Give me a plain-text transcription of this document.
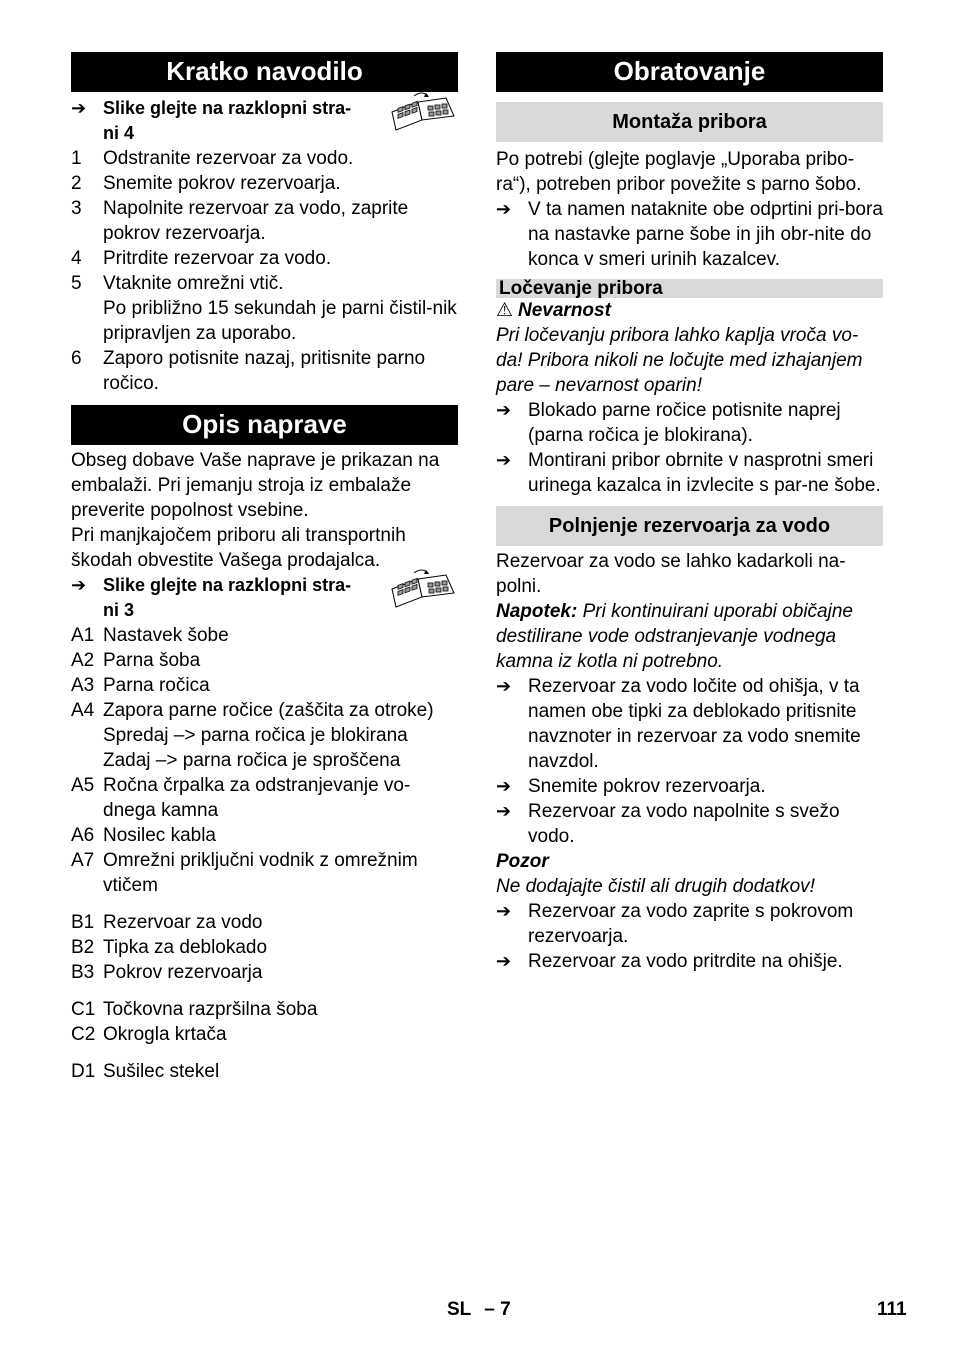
Kratko navodilo
➔ Slike glejte na razklopni stra-
ni 4
1	Odstranite rezervoar za vodo.
2	Snemite pokrov rezervoarja.
3	Napolnite rezervoar za vodo, zaprite pokrov rezervoarja.
4	Pritrdite rezervoar za vodo.
5	Vtaknite omrežni vtič.
Po približno 15 sekundah je parni čistil-nik pripravljen za uporabo.
6	Zaporo potisnite nazaj, pritisnite parno ročico.
Opis naprave

Obseg dobave Vaše naprave je prikazan na embalaži. Pri jemanju stroja iz embalaže preverite popolnost vsebine.

Pri manjkajočem priboru ali transportnih škodah obvestite Vašega prodajalca.

➔ Slike glejte na razklopni stra-
ni 3
A1 Nastavek šobe
A2 Parna šoba
A3 Parna ročica
A4 Zapora parne ročice (zaščita za otroke)
Spredaj –> parna ročica je blokirana
Zadaj –> parna ročica je sproščena
A5 Ročna črpalka za odstranjevanje vo-dnega kamna
A6 Nosilec kabla
A7 Omrežni priključni vodnik z omrežnim vtičem
B1 Rezervoar za vodo
B2 Tipka za deblokado
B3 Pokrov rezervoarja
C1 Točkovna razpršilna šoba
C2 Okrogla krtača
D1 Sušilec stekel
Obratovanje
Montaža pribora

Po potrebi (glejte poglavje „Uporaba pribo-ra“), potreben pribor povežite s parno šobo.

➔ V ta namen nataknite obe odprtini pri-bora na nastavke parne šobe in jih obr-nite do konca v smeri urinih kazalcev.
Ločevanje pribora
⚠ Nevarnost

Pri ločevanju pribora lahko kaplja vroča vo-da! Pribora nikoli ne ločujte med izhajanjem pare – nevarnost oparin!

➔ Blokado parne ročice potisnite naprej (parna ročica je blokirana).
➔ Montirani pribor obrnite v nasprotni smeri urinega kazalca in izvlecite s par-ne šobe.
Polnjenje rezervoarja za vodo

Rezervoar za vodo se lahko kadarkoli na-polni.

Napotek: Pri kontinuirani uporabi običajne destilirane vode odstranjevanje vodnega kamna iz kotla ni potrebno.

➔ Rezervoar za vodo ločite od ohišja, v ta namen obe tipki za deblokado pritisnite navznoter in rezervoar za vodo snemite navzdol.
➔ Snemite pokrov rezervoarja.
➔ Rezervoar za vodo napolnite s svežo vodo.
Pozor

Ne dodajajte čistil ali drugih dodatkov!

➔ Rezervoar za vodo zaprite s pokrovom rezervoarja.
➔ Rezervoar za vodo pritrdite na ohišje.
SL – 7	111
